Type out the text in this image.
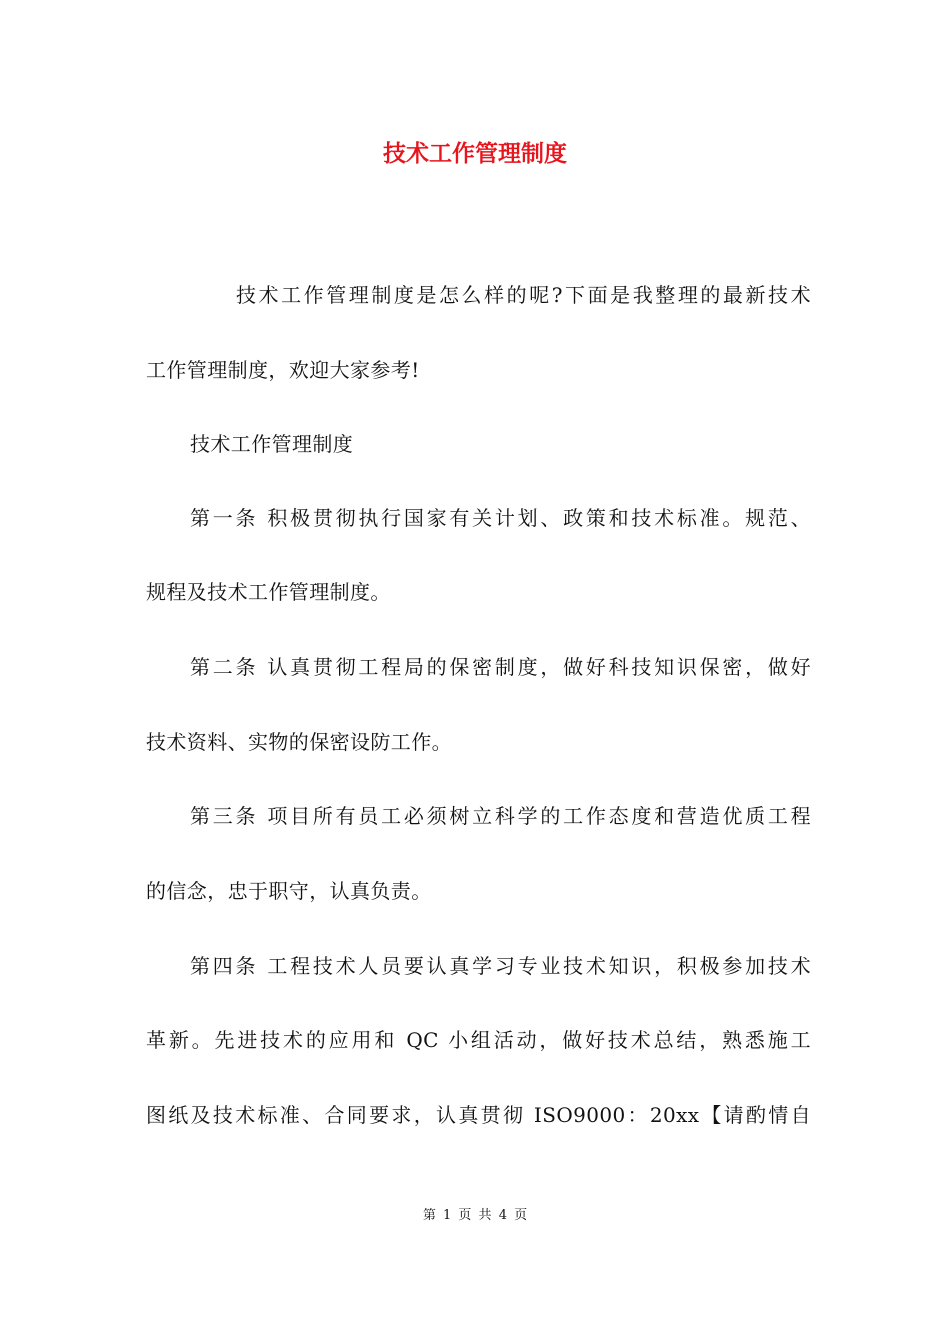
技术工作管理制度
技术工作管理制度是怎么样的呢?下面是我整理的最新技术
工作管理制度，欢迎大家参考!
技术工作管理制度
第一条 积极贯彻执行国家有关计划、政策和技术标准。规范、
规程及技术工作管理制度。
第二条 认真贯彻工程局的保密制度，做好科技知识保密，做好
技术资料、实物的保密设防工作。
第三条 项目所有员工必须树立科学的工作态度和营造优质工程
的信念，忠于职守，认真负责。
第四条 工程技术人员要认真学习专业技术知识，积极参加技术
革新。先进技术的应用和 QC 小组活动，做好技术总结，熟悉施工
图纸及技术标准、合同要求，认真贯彻 ISO9000：20xx【请酌情自
第 1 页 共 4 页
